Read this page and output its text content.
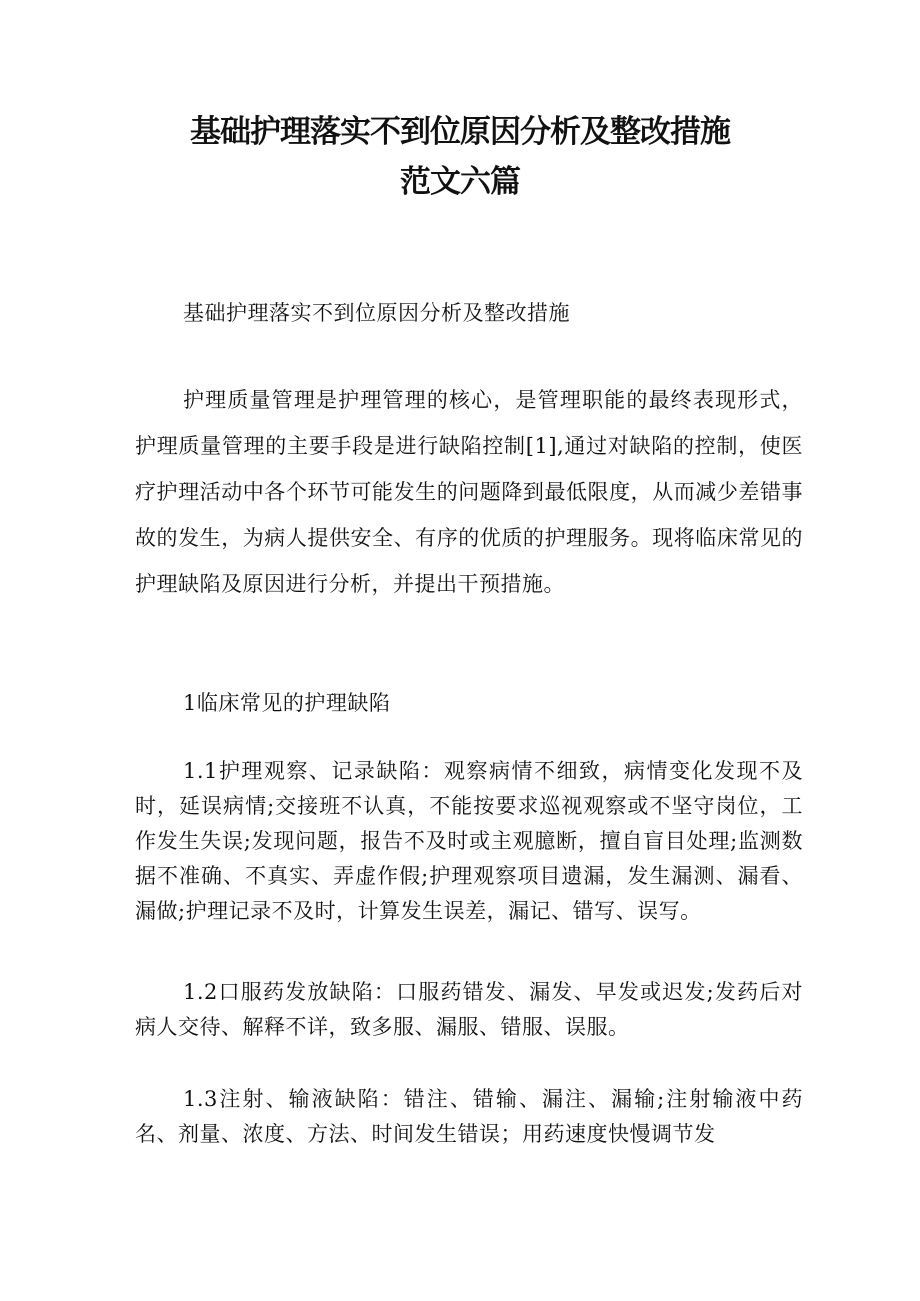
基础护理落实不到位原因分析及整改措施
范文六篇

基础护理落实不到位原因分析及整改措施

护理质量管理是护理管理的核心，是管理职能的最终表现形式，护理质量管理的主要手段是进行缺陷控制[1],通过对缺陷的控制，使医疗护理活动中各个环节可能发生的问题降到最低限度，从而减少差错事故的发生，为病人提供安全、有序的优质的护理服务。现将临床常见的护理缺陷及原因进行分析，并提出干预措施。

1临床常见的护理缺陷

1.1护理观察、记录缺陷：观察病情不细致，病情变化发现不及时，延误病情;交接班不认真，不能按要求巡视观察或不坚守岗位，工作发生失误;发现问题，报告不及时或主观臆断，擅自盲目处理;监测数据不准确、不真实、弄虚作假;护理观察项目遗漏，发生漏测、漏看、漏做;护理记录不及时，计算发生误差，漏记、错写、误写。

1.2口服药发放缺陷：口服药错发、漏发、早发或迟发;发药后对病人交待、解释不详，致多服、漏服、错服、误服。

1.3注射、输液缺陷：错注、错输、漏注、漏输;注射输液中药名、剂量、浓度、方法、时间发生错误；用药速度快慢调节发
